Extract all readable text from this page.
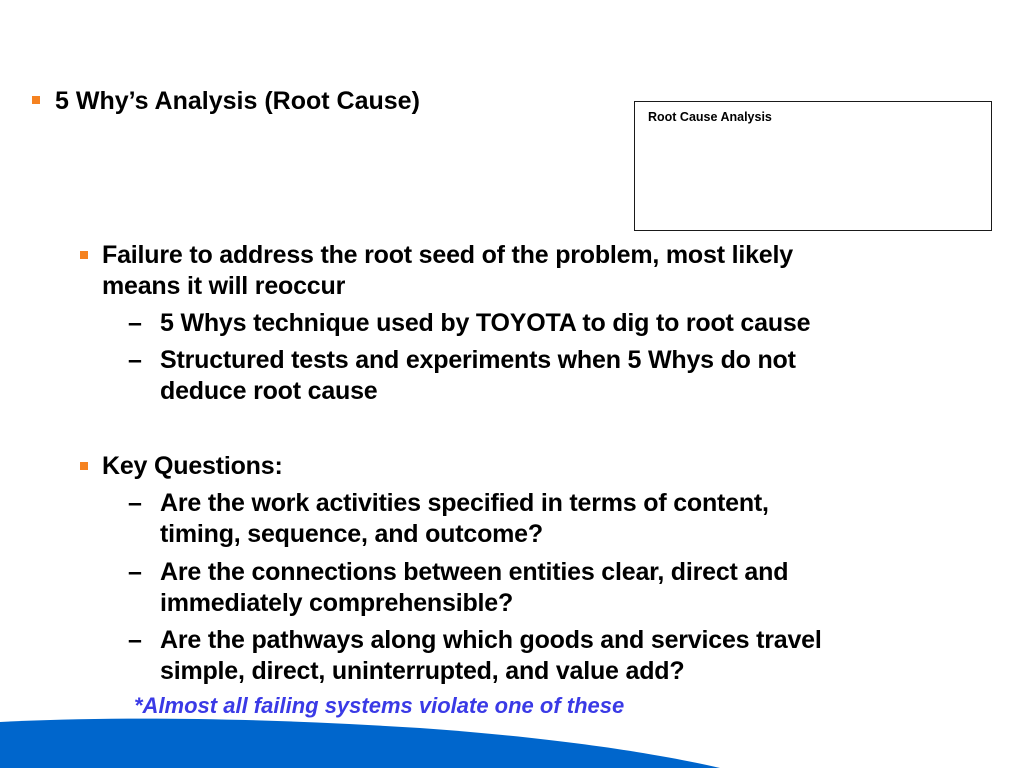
5 Why’s Analysis (Root Cause)
Root Cause Analysis
Failure to address the root seed of the problem, most likely
means it will reoccur
– 5 Whys technique used by TOYOTA to dig to root cause
– Structured tests and experiments when 5 Whys do not
deduce root cause
Key Questions:
– Are the work activities specified in terms of content,
timing, sequence, and outcome?
– Are the connections between entities clear, direct and
immediately comprehensible?
– Are the pathways along which goods and services travel
simple, direct, uninterrupted, and value add?
*Almost all failing systems violate one of these
